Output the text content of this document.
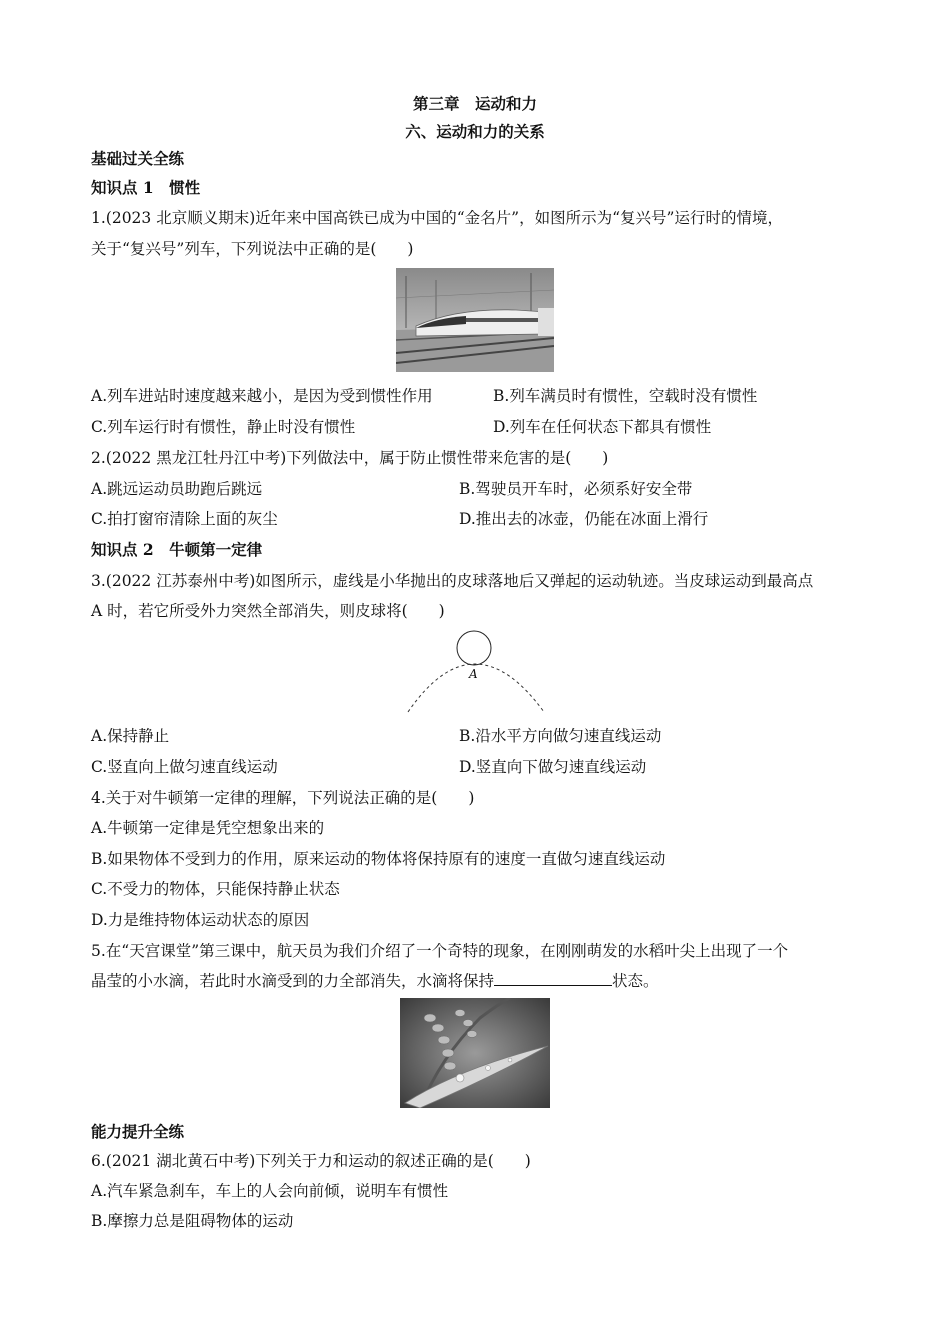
第三章　运动和力
六、运动和力的关系
基础过关全练
知识点 1　惯性
1.(2023 北京顺义期末)近年来中国高铁已成为中国的“金名片”，如图所示为“复兴号”运行时的情境，
关于“复兴号”列车，下列说法中正确的是(　　)
A.列车进站时速度越来越小，是因为受到惯性作用	B.列车满员时有惯性，空载时没有惯性
C.列车运行时有惯性，静止时没有惯性	D.列车在任何状态下都具有惯性
2.(2022 黑龙江牡丹江中考)下列做法中，属于防止惯性带来危害的是(　　)
A.跳远运动员助跑后跳远	B.驾驶员开车时，必须系好安全带
C.拍打窗帘清除上面的灰尘	D.推出去的冰壶，仍能在冰面上滑行
知识点 2　牛顿第一定律
3.(2022 江苏泰州中考)如图所示，虚线是小华抛出的皮球落地后又弹起的运动轨迹。当皮球运动到最高点
A 时，若它所受外力突然全部消失，则皮球将(　　)
A
A.保持静止	B.沿水平方向做匀速直线运动
C.竖直向上做匀速直线运动	D.竖直向下做匀速直线运动
4.关于对牛顿第一定律的理解，下列说法正确的是(　　)
A.牛顿第一定律是凭空想象出来的
B.如果物体不受到力的作用，原来运动的物体将保持原有的速度一直做匀速直线运动
C.不受力的物体，只能保持静止状态
D.力是维持物体运动状态的原因
5.在“天宫课堂”第三课中，航天员为我们介绍了一个奇特的现象，在刚刚萌发的水稻叶尖上出现了一个
晶莹的小水滴，若此时水滴受到的力全部消失，水滴将保持	状态。
能力提升全练
6.(2021 湖北黄石中考)下列关于力和运动的叙述正确的是(　　)
A.汽车紧急刹车，车上的人会向前倾，说明车有惯性
B.摩擦力总是阻碍物体的运动
